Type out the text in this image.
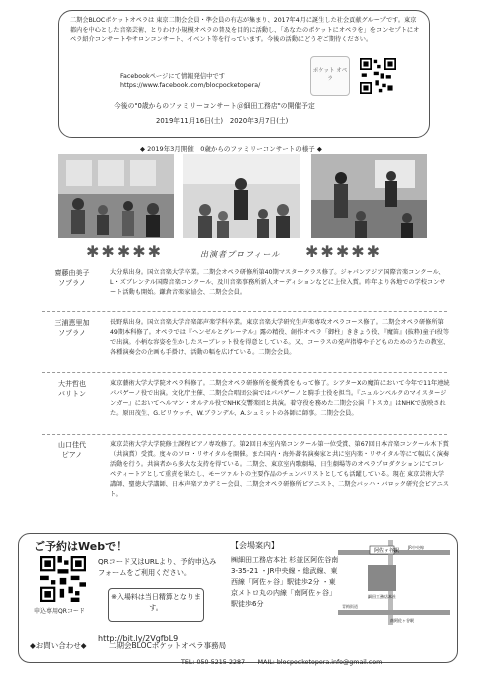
二期会BLOCポケットオペラは 東京二期会会員・準会員の有志が集まり、2017年4月に誕生した社会貢献グループです。東京都内を中心とした音楽芸術、とりわけ小規模オペラの普及を目的に活動し、「あなたのポケットにオペラを」をコンセプトにオペラ紹介コンサートやサロンコンサート、イベント等を行っています。今後の活動にどうぞご期待ください。
Facebookページにて情報発信中です
https://www.facebook.com/blocpocketopera/
ポケット オペラ
今後の"0歳からのファミリーコンサート＠細田工務店"の開催予定
2019年11月16日(土)　2020年3月7日(土)
◆ 2019年3月開催　0歳からのファミリーコンサートの様子 ◆
✱✱✱✱✱	出演者プロフィール ✱✱✱✱✱
齋藤由美子
ソプラノ
大分県出身。国立音楽大学卒業。二期会オペラ研修所第40期マスタークラス修了。ジャパンアジア国際音楽コンクール、L・ズブレンテル国際音楽コンクール、及川音楽事務所新人オーディションなどに上位入賞。昨年より各地での学校コンサート活動も開始。鎌倉音楽家協会、二期会会員。
三浦恵里加
ソプラノ
長野県出身。国立音楽大学音楽部声楽学科卒業。東京音楽大学研究生声楽専攻オペラコース修了。二期会オペラ研修所第49期本科修了。オペラでは『ヘンゼルとグレーテル』露の精役、創作オペラ「御柱」ききょう役、『魔笛』(抜粋)童子Ⅰ役等で出演。小柄な容姿を生かしたスーブレット役を得意としている。又、コーラスの発声指導や子どものためのうたの教室、各種演奏会の企画も手掛け、活動の幅を広げている。二期会会員。
大井哲也
バリトン
東京藝術大学大学院オペラ科修了。二期会オペラ研修所を優秀賞をもって修了。シアターXの魔笛において今年で11年連続パパゲーノ役で出演。文化庁主催、二期会合唱団公演ではパパゲーノと騎手士役を担当。『ニュルンベルクのマイスタージンガー』においてヘルマン・オルテル役でNHK交響楽団と共演。着守役を務めた二期会公演『トスカ』はNHKで放映された。原田茂生、G.ピリウッチ、W.ブランデル、A.シュミットの各師に師事。二期会会員。
山口佳代
ピアノ
東京芸術大学大学院修士課程ピアノ専攻修了。第2回日本室内楽コンクール第一位受賞、第67回日本音楽コンクール木下賞（共演賞）受賞。度々のソロ・リサイタルを開催。また国内・海外著名演奏家と共に室内楽・リサイタル等にて幅広く演奏活動を行う。共演者から多大な支持を得ている。二期会、東京室内歌劇場、日生劇場等のオペラプロダクションにてコレペティートアとして重責を果たし、モーツァルトの主要作品のチェンバリストとしても活躍している。現在 東京芸術大学講師、聖徳大学講師、日本声楽アカデミー会員、二期会オペラ研修所ピアニスト、二期会バッハ・バロック研究会ピアニスト。
ご予約はWebで！
申込専用QRコード
QRコード又はURLより、予約申込みフォームをご利用ください。
※入場料は当日精算となります。
http://bit.ly/2VgfbL9
【会場案内】
㈱細田工務店本社 杉並区阿佐谷南3-35-21 ・JR中央線・総武線、東西線「阿佐ヶ谷」駅徒歩2分 ・東京メトロ丸の内線「南阿佐ヶ谷」駅徒歩6分
阿佐ヶ谷駅
JR中央線
細田工務店本社
青梅街道
南阿佐ヶ谷駅
◆お問い合わせ◆　　　二期会BLOCポケットオペラ事務局
TEL: 050-5215-2287　　MAIL: blocpocketopera.info@gmail.com
